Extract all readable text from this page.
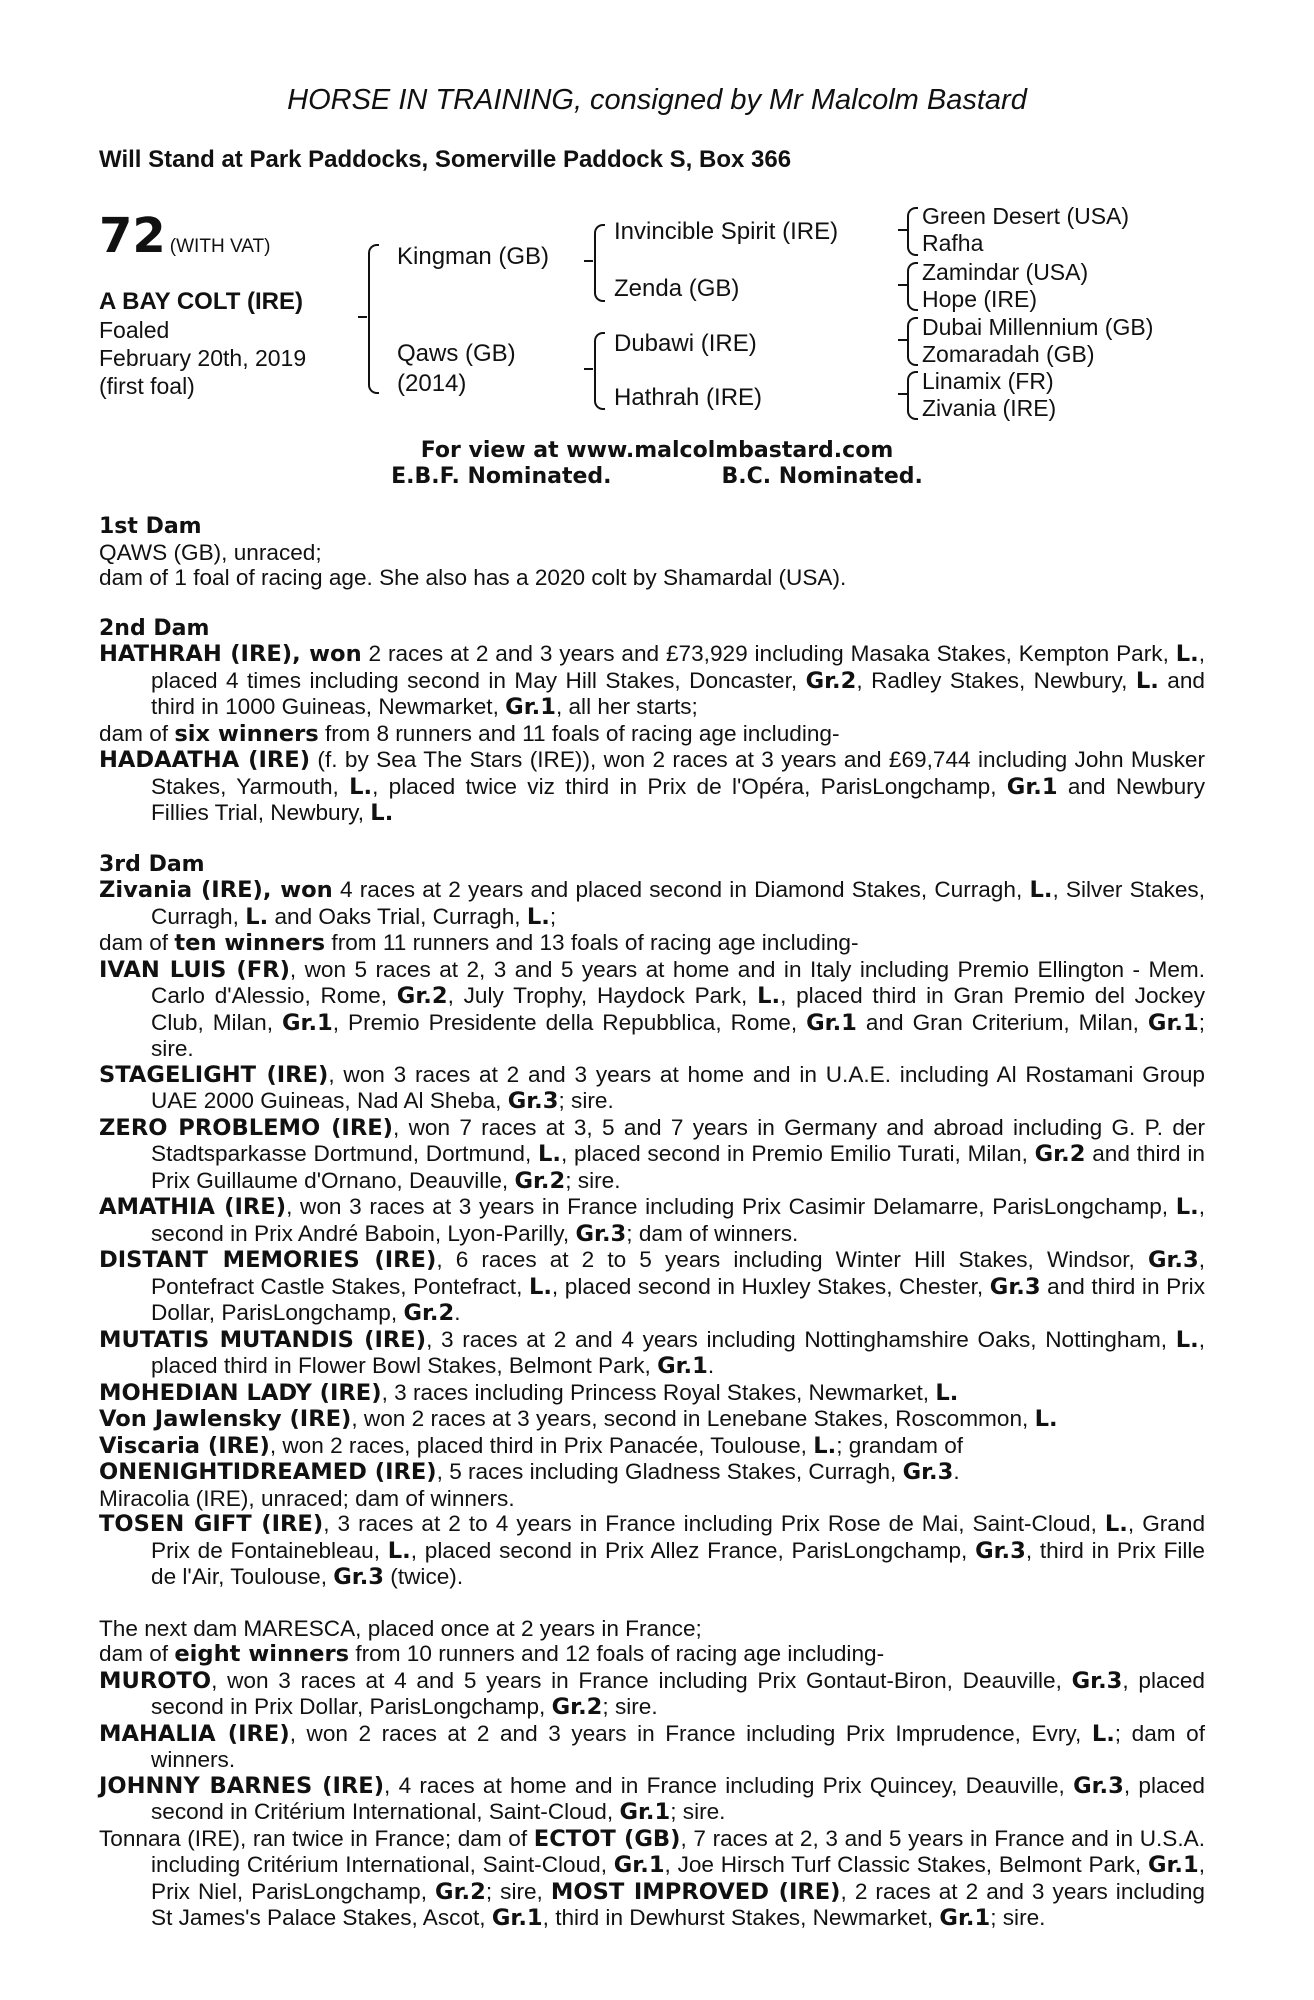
HORSE IN TRAINING, consigned by Mr Malcolm Bastard
Will Stand at Park Paddocks, Somerville Paddock S, Box 366
72 (WITH VAT)
A BAY COLT (IRE)
Foaled
February 20th, 2019
(first foal)
Kingman (GB)
Qaws (GB)
(2014)
Invincible Spirit (IRE)
Zenda (GB)
Dubawi (IRE)
Hathrah (IRE)
Green Desert (USA)
Rafha
Zamindar (USA)
Hope (IRE)
Dubai Millennium (GB)
Zomaradah (GB)
Linamix (FR)
Zivania (IRE)
For view at www.malcolmbastard.com
E.B.F. Nominated.	B.C. Nominated.

1st Dam

QAWS (GB), unraced;

dam of 1 foal of racing age. She also has a 2020 colt by Shamardal (USA).

2nd Dam

HATHRAH (IRE), won 2 races at 2 and 3 years and £73,929 including Masaka Stakes, Kempton Park, L., placed 4 times including second in May Hill Stakes, Doncaster, Gr.2, Radley Stakes, Newbury, L. and third in 1000 Guineas, Newmarket, Gr.1, all her starts;

dam of six winners from 8 runners and 11 foals of racing age including-

HADAATHA (IRE) (f. by Sea The Stars (IRE)), won 2 races at 3 years and £69,744 including John Musker Stakes, Yarmouth, L., placed twice viz third in Prix de l'Opéra, ParisLongchamp, Gr.1 and Newbury Fillies Trial, Newbury, L.

3rd Dam

Zivania (IRE), won 4 races at 2 years and placed second in Diamond Stakes, Curragh, L., Silver Stakes, Curragh, L. and Oaks Trial, Curragh, L.;

dam of ten winners from 11 runners and 13 foals of racing age including-

IVAN LUIS (FR), won 5 races at 2, 3 and 5 years at home and in Italy including Premio Ellington - Mem. Carlo d'Alessio, Rome, Gr.2, July Trophy, Haydock Park, L., placed third in Gran Premio del Jockey Club, Milan, Gr.1, Premio Presidente della Repubblica, Rome, Gr.1 and Gran Criterium, Milan, Gr.1; sire.

STAGELIGHT (IRE), won 3 races at 2 and 3 years at home and in U.A.E. including Al Rostamani Group UAE 2000 Guineas, Nad Al Sheba, Gr.3; sire.

ZERO PROBLEMO (IRE), won 7 races at 3, 5 and 7 years in Germany and abroad including G. P. der Stadtsparkasse Dortmund, Dortmund, L., placed second in Premio Emilio Turati, Milan, Gr.2 and third in Prix Guillaume d'Ornano, Deauville, Gr.2; sire.

AMATHIA (IRE), won 3 races at 3 years in France including Prix Casimir Delamarre, ParisLongchamp, L., second in Prix André Baboin, Lyon-Parilly, Gr.3; dam of winners.

DISTANT MEMORIES (IRE), 6 races at 2 to 5 years including Winter Hill Stakes, Windsor, Gr.3, Pontefract Castle Stakes, Pontefract, L., placed second in Huxley Stakes, Chester, Gr.3 and third in Prix Dollar, ParisLongchamp, Gr.2.

MUTATIS MUTANDIS (IRE), 3 races at 2 and 4 years including Nottinghamshire Oaks, Nottingham, L., placed third in Flower Bowl Stakes, Belmont Park, Gr.1.

MOHEDIAN LADY (IRE), 3 races including Princess Royal Stakes, Newmarket, L.

Von Jawlensky (IRE), won 2 races at 3 years, second in Lenebane Stakes, Roscommon, L.

Viscaria (IRE), won 2 races, placed third in Prix Panacée, Toulouse, L.; grandam of

ONENIGHTIDREAMED (IRE), 5 races including Gladness Stakes, Curragh, Gr.3.

Miracolia (IRE), unraced; dam of winners.

TOSEN GIFT (IRE), 3 races at 2 to 4 years in France including Prix Rose de Mai, Saint-Cloud, L., Grand Prix de Fontainebleau, L., placed second in Prix Allez France, ParisLongchamp, Gr.3, third in Prix Fille de l'Air, Toulouse, Gr.3 (twice).

The next dam MARESCA, placed once at 2 years in France;

dam of eight winners from 10 runners and 12 foals of racing age including-

MUROTO, won 3 races at 4 and 5 years in France including Prix Gontaut-Biron, Deauville, Gr.3, placed second in Prix Dollar, ParisLongchamp, Gr.2; sire.

MAHALIA (IRE), won 2 races at 2 and 3 years in France including Prix Imprudence, Evry, L.; dam of winners.

JOHNNY BARNES (IRE), 4 races at home and in France including Prix Quincey, Deauville, Gr.3, placed second in Critérium International, Saint-Cloud, Gr.1; sire.

Tonnara (IRE), ran twice in France; dam of ECTOT (GB), 7 races at 2, 3 and 5 years in France and in U.S.A. including Critérium International, Saint-Cloud, Gr.1, Joe Hirsch Turf Classic Stakes, Belmont Park, Gr.1, Prix Niel, ParisLongchamp, Gr.2; sire, MOST IMPROVED (IRE), 2 races at 2 and 3 years including St James's Palace Stakes, Ascot, Gr.1, third in Dewhurst Stakes, Newmarket, Gr.1; sire.
